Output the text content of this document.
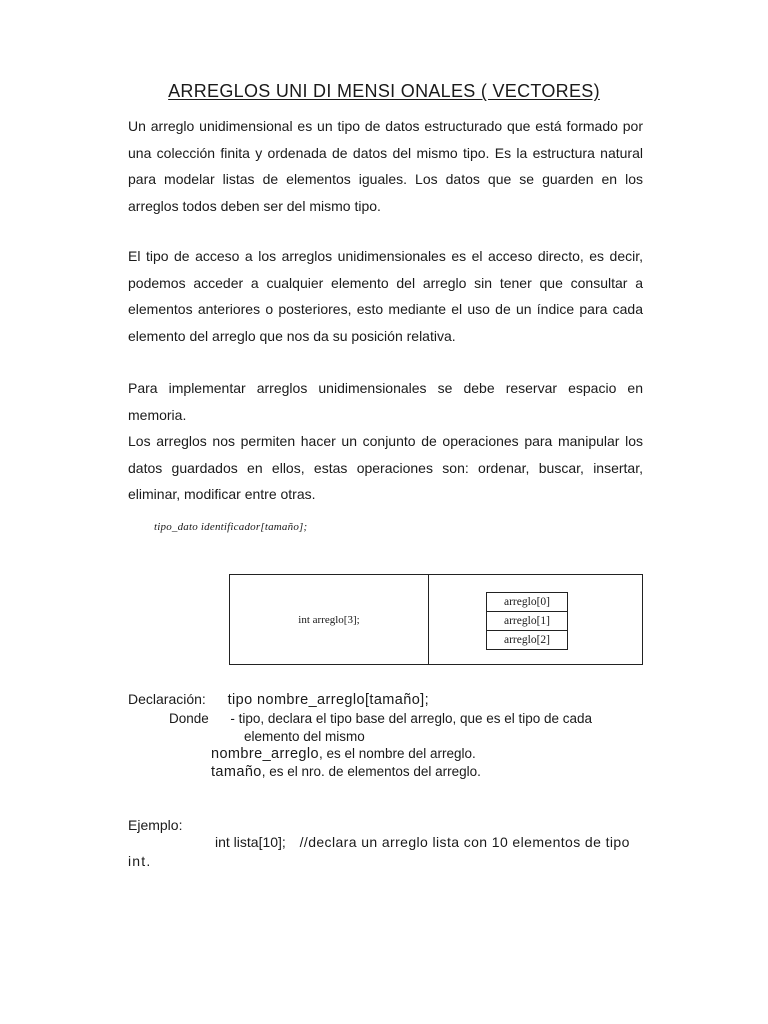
ARREGLOS UNI DI MENSI ONALES ( VECTORES)
Un arreglo unidimensional es un tipo de datos estructurado que está formado por una colección finita y ordenada de datos del mismo tipo. Es la estructura natural para modelar listas de elementos iguales. Los datos que se guarden en los arreglos todos deben ser del mismo tipo.
El tipo de acceso a los arreglos unidimensionales es el acceso directo, es decir, podemos acceder a cualquier elemento del arreglo sin tener que consultar a elementos anteriores o posteriores, esto mediante el uso de un índice para cada elemento del arreglo que nos da su posición relativa.
Para implementar arreglos unidimensionales se debe reservar espacio en memoria.
Los arreglos nos permiten hacer un conjunto de operaciones para manipular los datos guardados en ellos, estas operaciones son: ordenar, buscar, insertar, eliminar, modificar entre otras.
tipo_dato identificador[tamaño];
int arreglo[3];
arreglo[0]
arreglo[1]
arreglo[2]
Declaración: tipo nombre_arreglo[tamaño];
Donde - tipo, declara el tipo base del arreglo, que es el tipo de cada
elemento del mismo
nombre_arreglo, es el nombre del arreglo.
tamaño, es el nro. de elementos del arreglo.
Ejemplo:
int lista[10]; //declara un arreglo lista con 10 elementos de tipo
int.
